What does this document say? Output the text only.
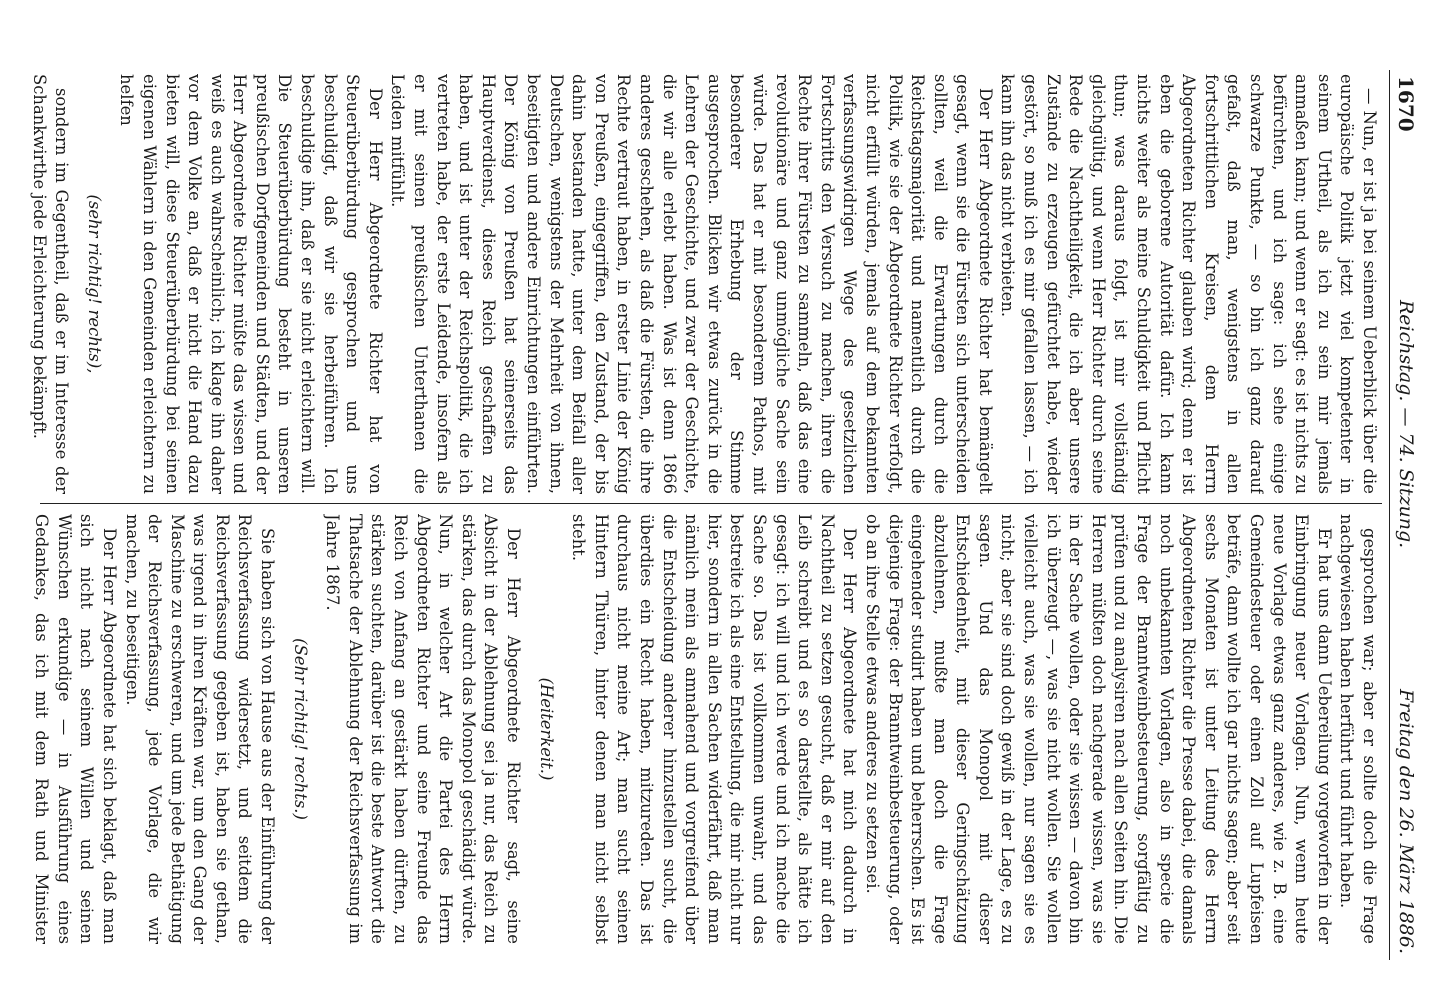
1670
Reichstag. — 74. Sitzung.
Freitag den 26. März 1886.

— Nun, er ist ja bei seinem Ueberblick über die europäische Politik jetzt viel kompetenter in seinem Urtheil, als ich zu sein mir jemals anmaßen kann; und wenn er sagt: es ist nichts zu befürchten, und ich sage: ich sehe einige schwarze Punkte, — so bin ich ganz darauf gefaßt, daß man, wenigstens in allen fortschrittlichen Kreisen, dem Herrn Abgeordneten Richter glauben wird; denn er ist eben die geborene Autorität dafür. Ich kann nichts weiter als meine Schuldigkeit und Pflicht thun; was daraus folgt, ist mir vollständig gleichgültig, und wenn Herr Richter durch seine Rede die Nachtheiligkeit, die ich aber unsere Zustände zu erzeugen gefürchtet habe, wieder gestört, so muß ich es mir gefallen lassen, — ich kann ihn das nicht verbieten.

Der Herr Abgeordnete Richter hat bemängelt gesagt, wenn sie die Fürsten sich unterscheiden sollten, weil die Erwartungen durch die Reichstagsmajorität und namentlich durch die Politik, wie sie der Abgeordnete Richter verfolgt, nicht erfüllt würden, jemals auf dem bekannten verfassungswidrigen Wege des gesetzlichen Fortschritts den Versuch zu machen, ihren die Rechte ihrer Fürsten zu sammeln, daß das eine revolutionäre und ganz unmögliche Sache sein würde. Das hat er mit besonderem Pathos, mit besonderer Erhebung der Stimme ausgesprochen. Blicken wir etwas zurück in die Lehren der Geschichte, und zwar der Geschichte, die wir alle erlebt haben. Was ist denn 1866 anderes geschehen, als daß die Fürsten, die ihre Rechte vertraut haben, in erster Linie der König von Preußen, eingegriffen, den Zustand, der bis dahin bestanden hatte, unter dem Beifall aller Deutschen, wenigstens der Mehrheit von ihnen, beseitigten und andere Einrichtungen einführten. Der König von Preußen hat seinerseits das Hauptverdienst, dieses Reich geschaffen zu haben, und ist unter der Reichspolitik, die ich vertreten habe, der erste Leidende, insofern als er mit seinen preußischen Unterthanen die Leiden mitfühlt.

Der Herr Abgeordnete Richter hat von Steuerüberbürdung gesprochen und uns beschuldigt, daß wir sie herbeiführen. Ich beschuldige ihn, daß er sie nicht erleichtern will. Die Steuerüberbürdung besteht in unseren preußischen Dorfgemeinden und Städten, und der Herr Abgeordnete Richter müßte das wissen und weiß es auch wahrscheinlich; ich klage ihn daher vor dem Volke an, daß er nicht die Hand dazu bieten will, diese Steuerüberbürdung bei seinen eigenen Wählern in den Gemeinden erleichtern zu helfen

(sehr richtig! rechts),

sondern im Gegentheil, daß er im Interesse der Schankwirthe jede Erleichterung bekämpft.

gesprochen war; aber er sollte doch die Frage nachgewiesen haben herführt und führt haben.

Er hat uns dann Uebereilung vorgeworfen in der Einbringung neuer Vorlagen. Nun, wenn heute neue Vorlage etwas ganz anderes, wie z. B. eine Gemeindesteuer oder einen Zoll auf Lupfeisen beträfe, dann wollte ich gar nichts sagen; aber seit sechs Monaten ist unter Leitung des Herrn Abgeordneten Richter die Presse dabei, die damals noch unbekannten Vorlagen, also in specie die Frage der Branntweinbesteuerung, sorgfältig zu prüfen und zu analysiren nach allen Seiten hin. Die Herren müßten doch nachgerade wissen, was sie in der Sache wollen, oder sie wissen — davon bin ich überzeugt —, was sie nicht wollen. Sie wollen vielleicht auch, was sie wollen, nur sagen sie es nicht; aber sie sind doch gewiß in der Lage, es zu sagen. Und das Monopol mit dieser Entschiedenheit, mit dieser Geringschätzung abzulehnen, mußte man doch die Frage eingehender studirt haben und beherrschen. Es ist diejenige Frage: der Branntweinbesteuerung, oder ob an ihre Stelle etwas anderes zu setzen sei.

Der Herr Abgeordnete hat mich dadurch in Nachtheil zu setzen gesucht, daß er mir auf den Leib schreibt und es so darstellte, als hätte ich gesagt: ich will und ich werde und ich mache die Sache so. Das ist vollkommen unwahr, und das bestreite ich als eine Entstellung, die mir nicht nur hier, sondern in allen Sachen widerfährt, daß man nämlich mein als amnahend und vorgreifend über die Entscheidung anderer hinzustellen sucht, die überdies ein Recht haben, mitzureden. Das ist durchaus nicht meine Art; man sucht seinen Hintern Thüren, hinter denen man nicht selbst steht.

(Heiterkeit.)

Der Herr Abgeordnete Richter sagt, seine Absicht in der Ablehnung sei ja nur, das Reich zu stärken, das durch das Monopol geschädigt würde. Nun, in welcher Art die Partei des Herrn Abgeordneten Richter und seine Freunde das Reich von Anfang an gestärkt haben dürften, zu stärken suchten, darüber ist die beste Antwort die Thatsache der Ablehnung der Reichsverfassung im Jahre 1867.

(Sehr richtig! rechts.)

Sie haben sich von Hause aus der Einführung der Reichsverfassung widersetzt, und seitdem die Reichsverfassung gegeben ist, haben sie gethan, was irgend in ihren Kräften war, um den Gang der Maschine zu erschweren, und um jede Bethätigung der Reichsverfassung, jede Vorlage, die wir machen, zu beseitigen.

Der Herr Abgeordnete hat sich beklagt, daß man sich nicht nach seinem Willen und seinen Wünschen erkundige — in Ausführung eines Gedankes, das ich mit dem Rath und Minister
